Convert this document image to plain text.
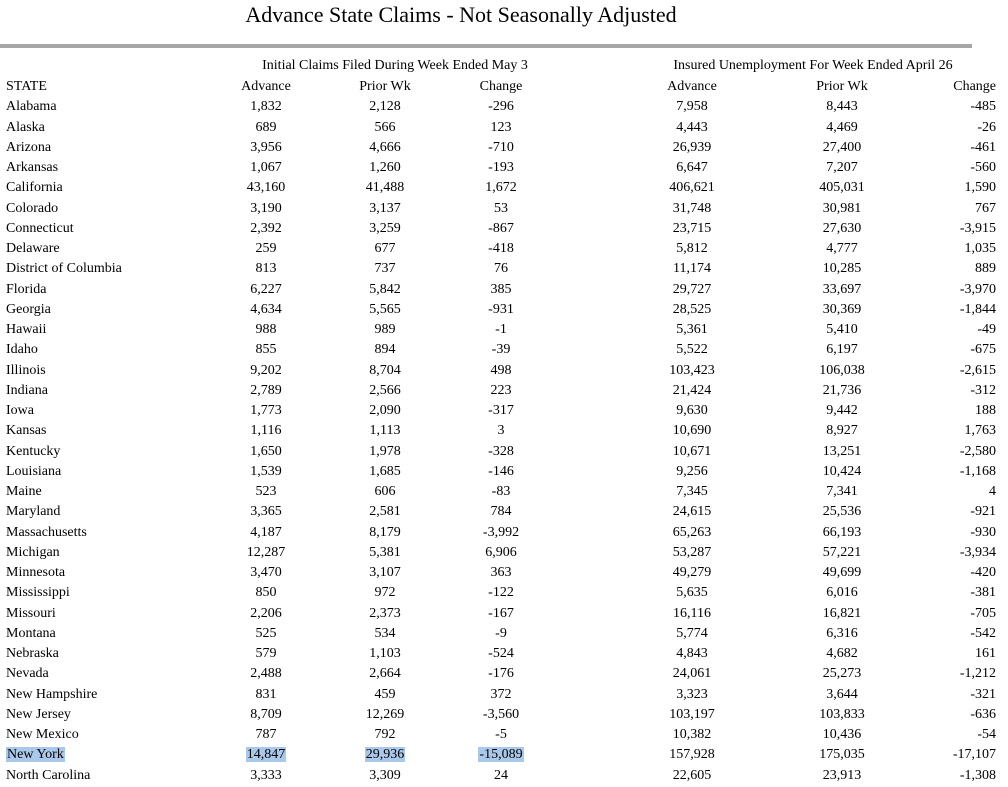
Advance State Claims - Not Seasonally Adjusted
Initial Claims Filed During Week Ended May 3	Insured Unemployment For Week Ended April 26
STATE	Advance	Prior Wk	Change	Advance	Prior Wk	Change
Alabama	1,832	2,128	-296	7,958	8,443	-485
Alaska	689	566	123	4,443	4,469	-26
Arizona	3,956	4,666	-710	26,939	27,400	-461
Arkansas	1,067	1,260	-193	6,647	7,207	-560
California	43,160	41,488	1,672	406,621	405,031	1,590
Colorado	3,190	3,137	53	31,748	30,981	767
Connecticut	2,392	3,259	-867	23,715	27,630	-3,915
Delaware	259	677	-418	5,812	4,777	1,035
District of Columbia	813	737	76	11,174	10,285	889
Florida	6,227	5,842	385	29,727	33,697	-3,970
Georgia	4,634	5,565	-931	28,525	30,369	-1,844
Hawaii	988	989	-1	5,361	5,410	-49
Idaho	855	894	-39	5,522	6,197	-675
Illinois	9,202	8,704	498	103,423	106,038	-2,615
Indiana	2,789	2,566	223	21,424	21,736	-312
Iowa	1,773	2,090	-317	9,630	9,442	188
Kansas	1,116	1,113	3	10,690	8,927	1,763
Kentucky	1,650	1,978	-328	10,671	13,251	-2,580
Louisiana	1,539	1,685	-146	9,256	10,424	-1,168
Maine	523	606	-83	7,345	7,341	4
Maryland	3,365	2,581	784	24,615	25,536	-921
Massachusetts	4,187	8,179	-3,992	65,263	66,193	-930
Michigan	12,287	5,381	6,906	53,287	57,221	-3,934
Minnesota	3,470	3,107	363	49,279	49,699	-420
Mississippi	850	972	-122	5,635	6,016	-381
Missouri	2,206	2,373	-167	16,116	16,821	-705
Montana	525	534	-9	5,774	6,316	-542
Nebraska	579	1,103	-524	4,843	4,682	161
Nevada	2,488	2,664	-176	24,061	25,273	-1,212
New Hampshire	831	459	372	3,323	3,644	-321
New Jersey	8,709	12,269	-3,560	103,197	103,833	-636
New Mexico	787	792	-5	10,382	10,436	-54
New York	14,847	29,936	-15,089	157,928	175,035	-17,107
North Carolina	3,333	3,309	24	22,605	23,913	-1,308
